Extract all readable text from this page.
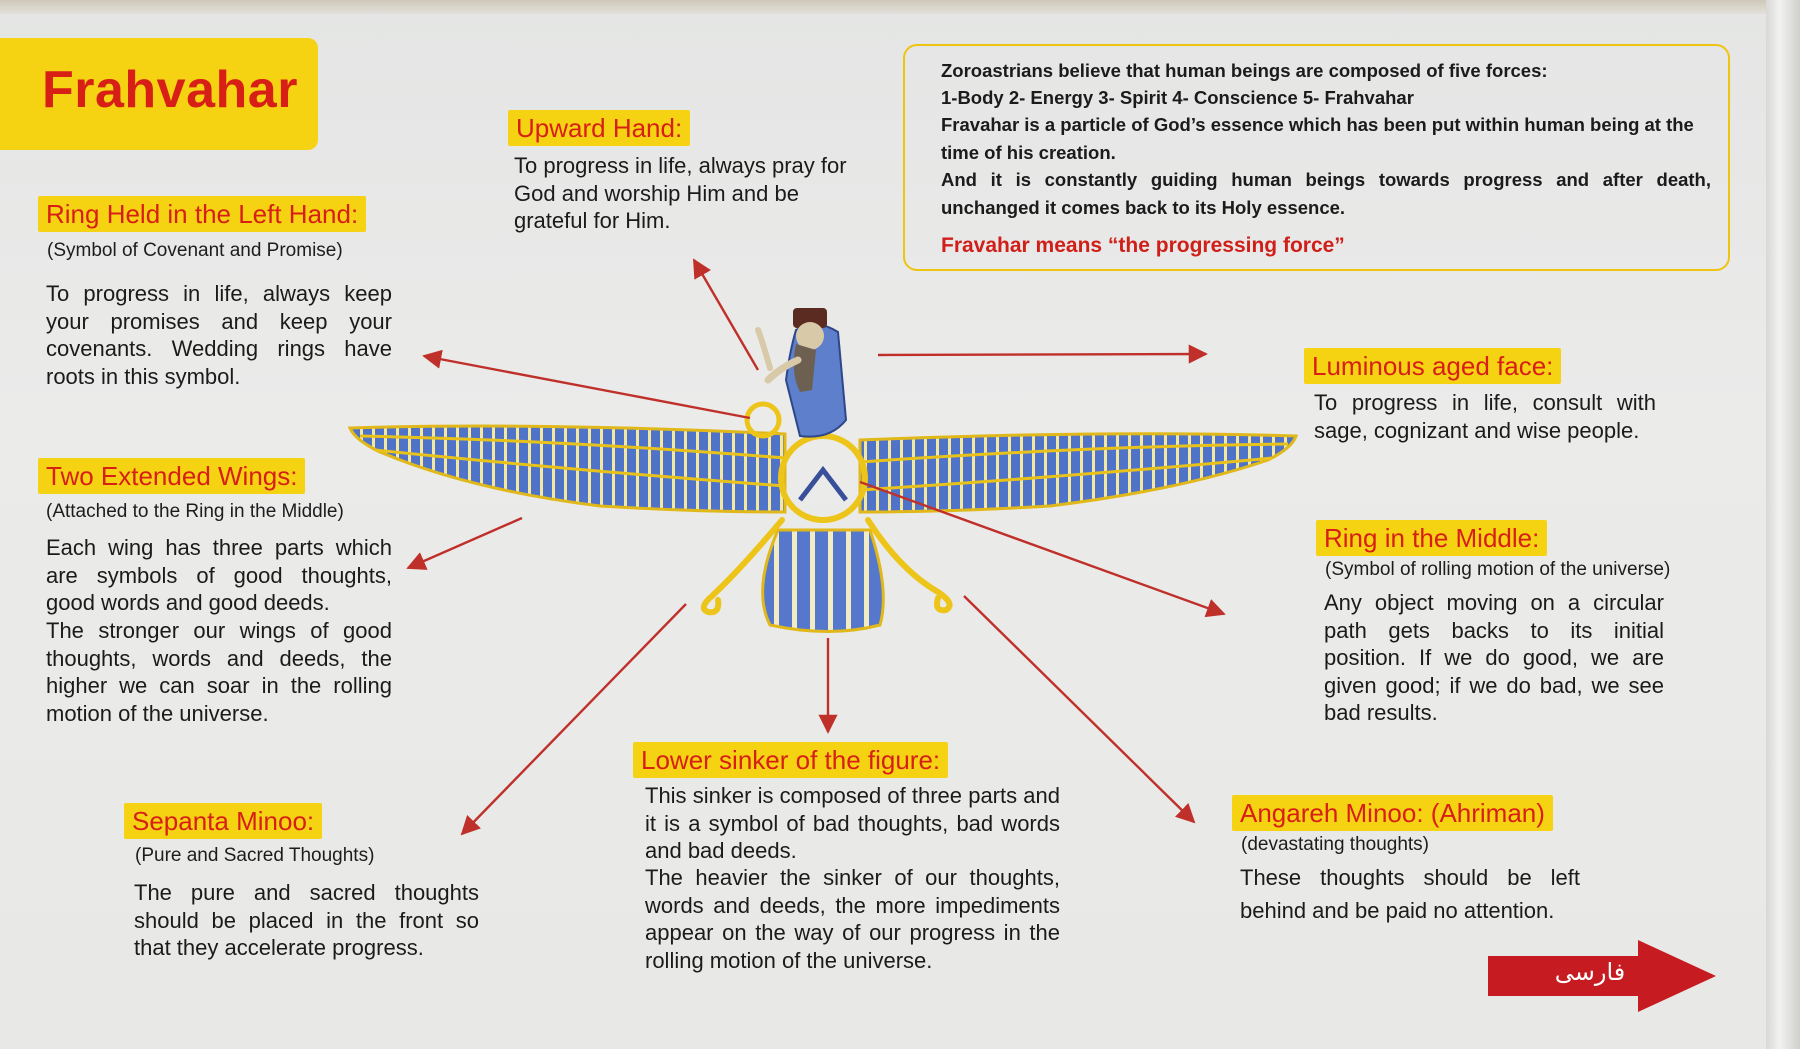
Frahvahar	Zoroastrians believe that human beings are composed of five forces:
1-Body 2- Energy 3- Spirit 4- Conscience 5- Frahvahar
Fravahar is a particle of God’s essence which has been put within human being at the
time of his creation.
And it is constantly guiding human beings towards progress and after death,
unchanged it comes back to its Holy essence.
Fravahar means “the progressing force”
Upward Hand:

To progress in life, always pray for God and worship Him and be grateful for Him.

Ring Held in the Left Hand:
(Symbol of Covenant and Promise)

To progress in life, always keep your promises and keep your covenants. Wedding rings have roots in this symbol.

Two Extended Wings:
(Attached to the Ring in the Middle)

Each wing has three parts which are symbols of good thoughts, good words and good deeds.

The stronger our wings of good thoughts, words and deeds, the higher we can soar in the rolling motion of the universe.

Sepanta Minoo:
(Pure and Sacred Thoughts)

The pure and sacred thoughts should be placed in the front so that they accelerate progress.

Lower sinker of the figure:

This sinker is composed of three parts and it is a symbol of bad thoughts, bad words and bad deeds.

The heavier the sinker of our thoughts, words and deeds, the more impediments appear on the way of our progress in the rolling motion of the universe.

Luminous aged face:

To progress in life, consult with sage, cognizant and wise people.

Ring in the Middle:
(Symbol of rolling motion of the universe)

Any object moving on a circular path gets backs to its initial position. If we do good, we are given good; if we do bad, we see bad results.

Angareh Minoo: (Ahriman)
(devastating thoughts)

These thoughts should be left

behind and be paid no attention.

فارسی
